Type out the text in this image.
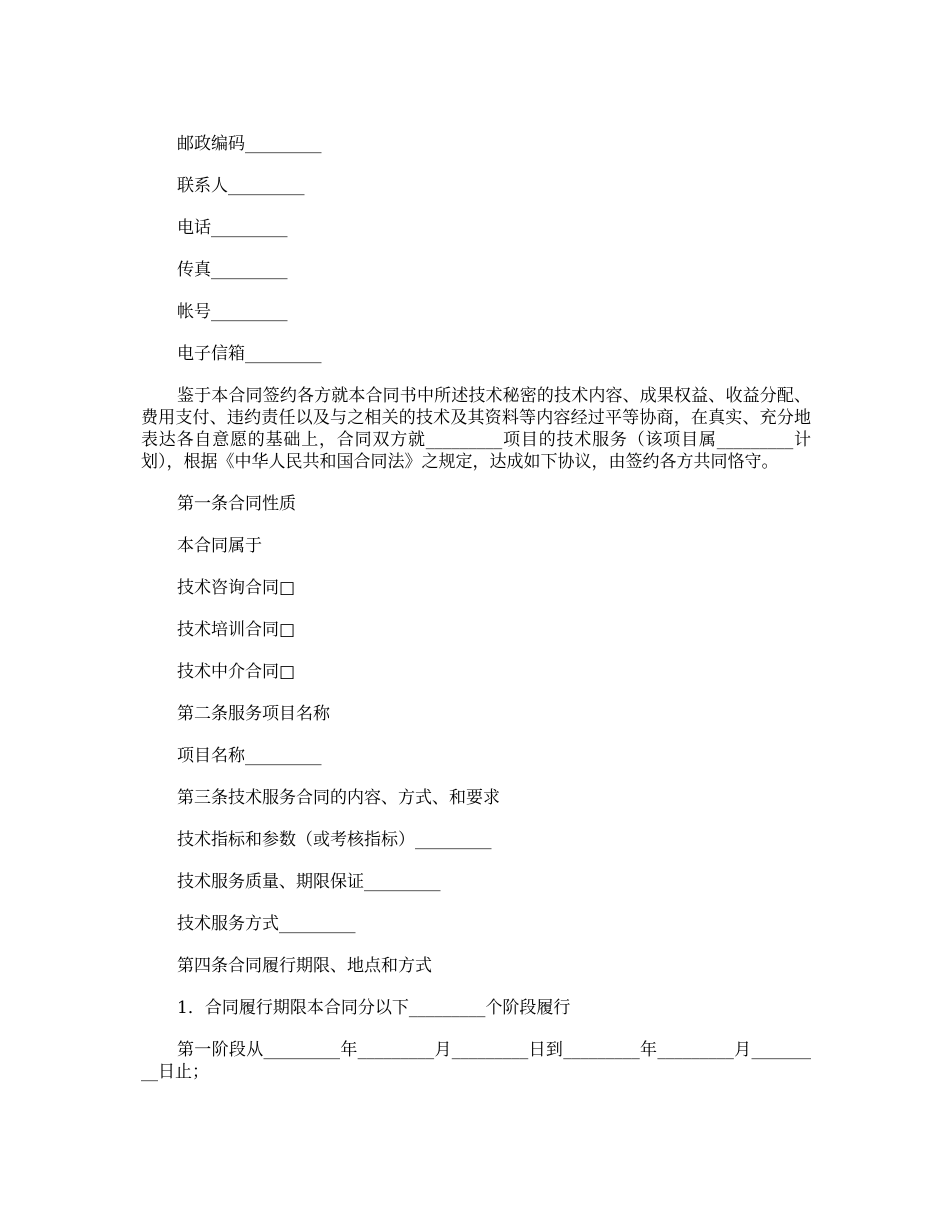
邮政编码_________

联系人_________

电话_________

传真_________

帐号_________

电子信箱_________

鉴于本合同签约各方就本合同书中所述技术秘密的技术内容、成果权益、收益分配、费用支付、违约责任以及与之相关的技术及其资料等内容经过平等协商，在真实、充分地表达各自意愿的基础上，合同双方就_________项目的技术服务（该项目属_________计划），根据《中华人民共和国合同法》之规定，达成如下协议，由签约各方共同恪守。

第一条合同性质

本合同属于

技术咨询合同□

技术培训合同□

技术中介合同□

第二条服务项目名称

项目名称_________

第三条技术服务合同的内容、方式、和要求

技术指标和参数（或考核指标）_________

技术服务质量、期限保证_________

技术服务方式_________

第四条合同履行期限、地点和方式

1．合同履行期限本合同分以下_________个阶段履行

第一阶段从_________年_________月_________日到_________年_________月_________日止；
